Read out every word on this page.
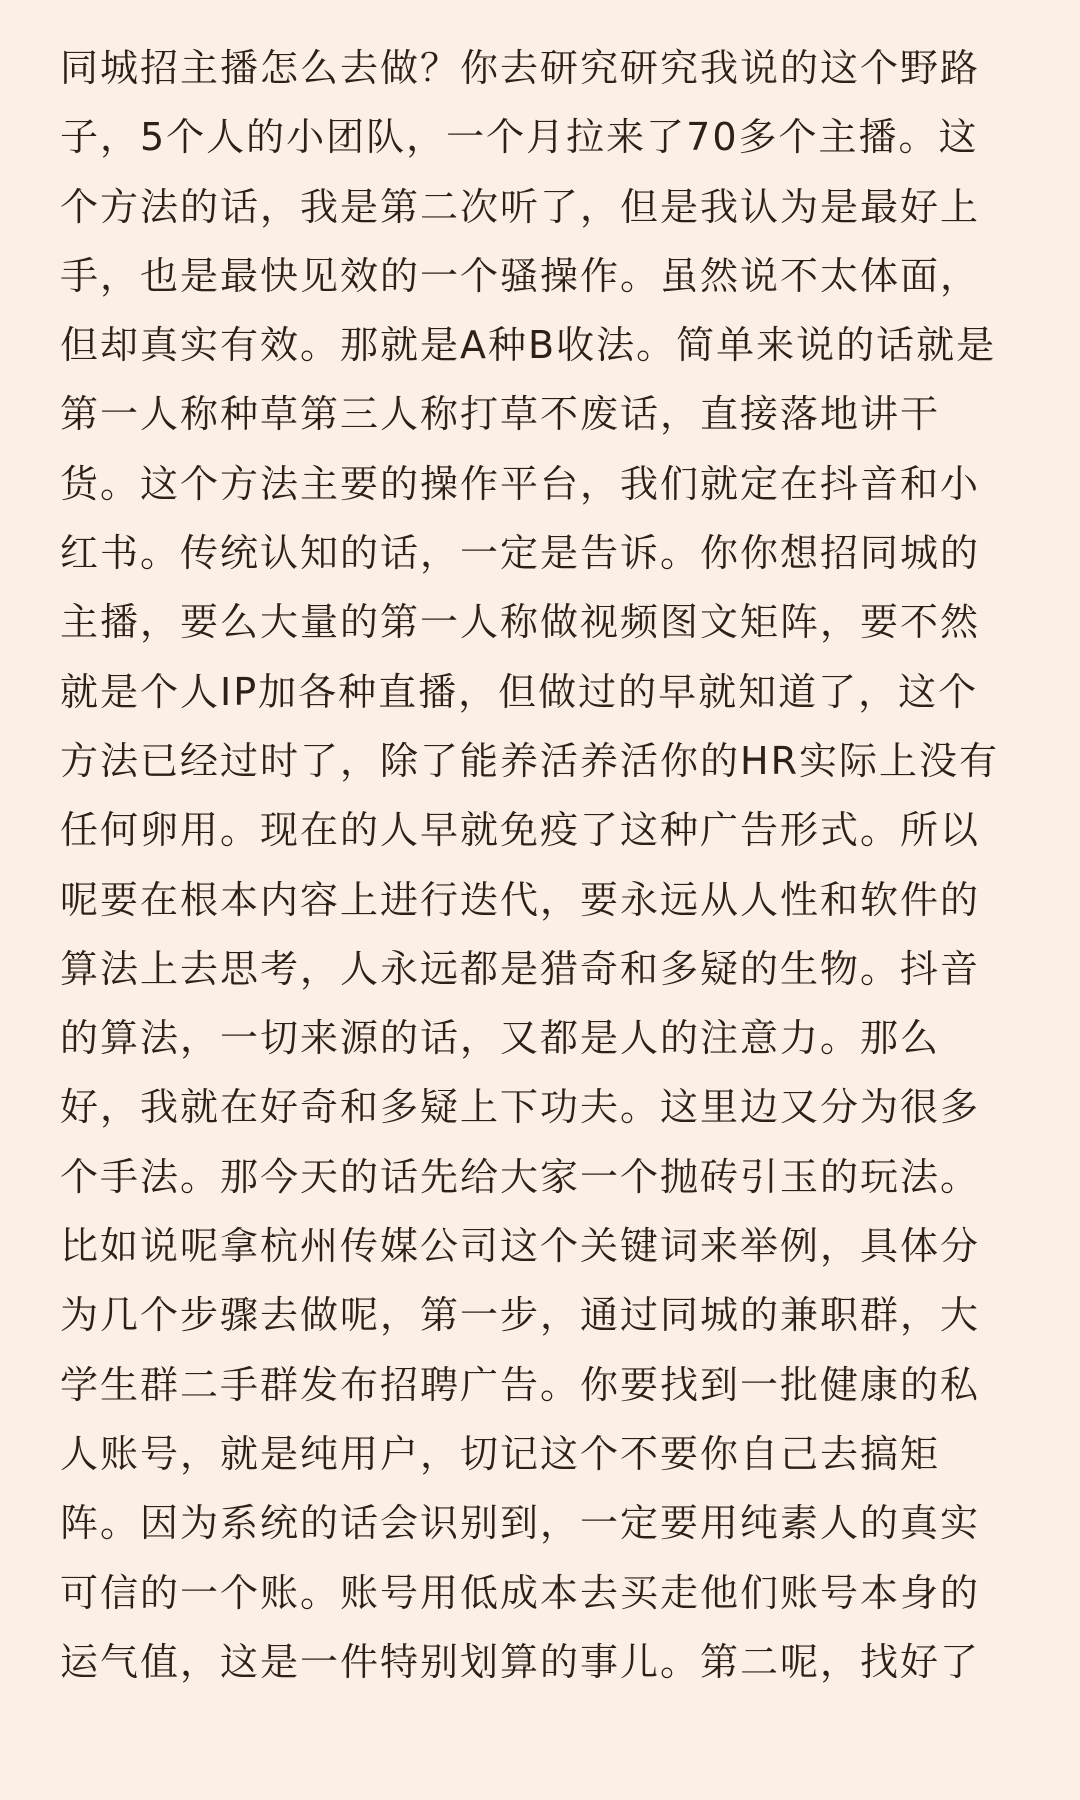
同城招主播怎么去做？你去研究研究我说的这个野路
子，5个人的小团队，一个月拉来了70多个主播。这
个方法的话，我是第二次听了，但是我认为是最好上
手，也是最快见效的一个骚操作。虽然说不太体面，
但却真实有效。那就是A种B收法。简单来说的话就是
第一人称种草第三人称打草不废话，直接落地讲干
货。这个方法主要的操作平台，我们就定在抖音和小
红书。传统认知的话，一定是告诉。你你想招同城的
主播，要么大量的第一人称做视频图文矩阵，要不然
就是个人IP加各种直播，但做过的早就知道了，这个
方法已经过时了，除了能养活养活你的HR实际上没有
任何卵用。现在的人早就免疫了这种广告形式。所以
呢要在根本内容上进行迭代，要永远从人性和软件的
算法上去思考，人永远都是猎奇和多疑的生物。抖音
的算法，一切来源的话，又都是人的注意力。那么
好，我就在好奇和多疑上下功夫。这里边又分为很多
个手法。那今天的话先给大家一个抛砖引玉的玩法。
比如说呢拿杭州传媒公司这个关键词来举例，具体分
为几个步骤去做呢，第一步，通过同城的兼职群，大
学生群二手群发布招聘广告。你要找到一批健康的私
人账号，就是纯用户，切记这个不要你自己去搞矩
阵。因为系统的话会识别到，一定要用纯素人的真实
可信的一个账。账号用低成本去买走他们账号本身的
运气值，这是一件特别划算的事儿。第二呢，找好了
